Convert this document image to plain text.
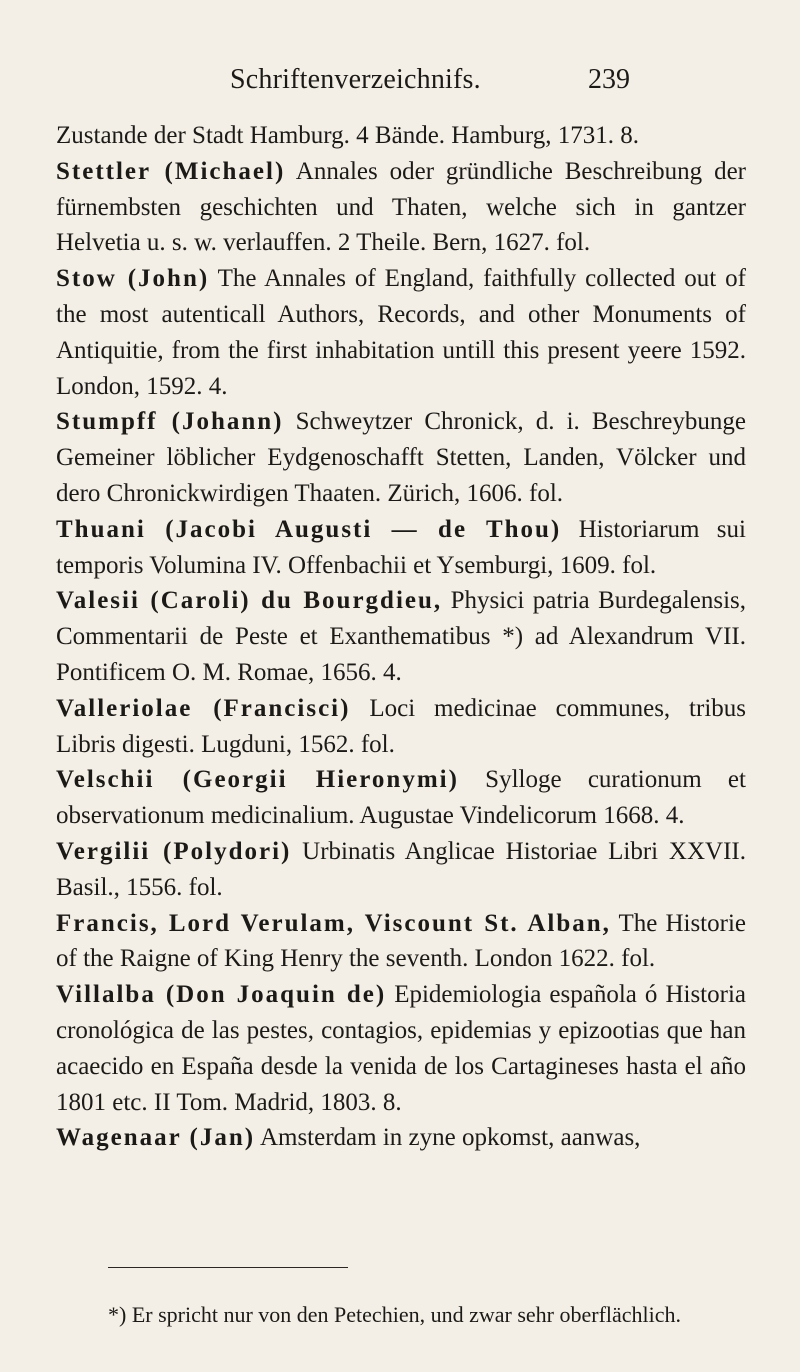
Schriftenverzeichnifs.	239

Zustande der Stadt Hamburg. 4 Bände. Hamburg, 1731. 8.

Stettler (Michael) Annales oder gründliche Beschreibung der fürnembsten geschichten und Thaten, welche sich in gantzer Helvetia u. s. w. verlauffen. 2 Theile. Bern, 1627. fol.

Stow (John) The Annales of England, faithfully collected out of the most autenticall Authors, Records, and other Monuments of Antiquitie, from the first inhabitation untill this present yeere 1592. London, 1592. 4.

Stumpff (Johann) Schweytzer Chronick, d. i. Beschreybunge Gemeiner löblicher Eydgenoschafft Stetten, Landen, Völcker und dero Chronickwirdigen Thaaten. Zürich, 1606. fol.

Thuani (Jacobi Augusti — de Thou) Historiarum sui temporis Volumina IV. Offenbachii et Ysemburgi, 1609. fol.

Valesii (Caroli) du Bourgdieu, Physici patria Burdegalensis, Commentarii de Peste et Exanthematibus *) ad Alexandrum VII. Pontificem O. M. Romae, 1656. 4.

Valleriolae (Francisci) Loci medicinae communes, tribus Libris digesti. Lugduni, 1562. fol.

Velschii (Georgii Hieronymi) Sylloge curationum et observationum medicinalium. Augustae Vindelicorum 1668. 4.

Vergilii (Polydori) Urbinatis Anglicae Historiae Libri XXVII. Basil., 1556. fol.

Francis, Lord Verulam, Viscount St. Alban, The Historie of the Raigne of King Henry the seventh. London 1622. fol.

Villalba (Don Joaquin de) Epidemiologia española ó Historia cronológica de las pestes, contagios, epidemias y epizootias que han acaecido en España desde la venida de los Cartagineses hasta el año 1801 etc. II Tom. Madrid, 1803. 8.

Wagenaar (Jan) Amsterdam in zyne opkomst, aanwas,

*) Er spricht nur von den Petechien, und zwar sehr oberflächlich.
